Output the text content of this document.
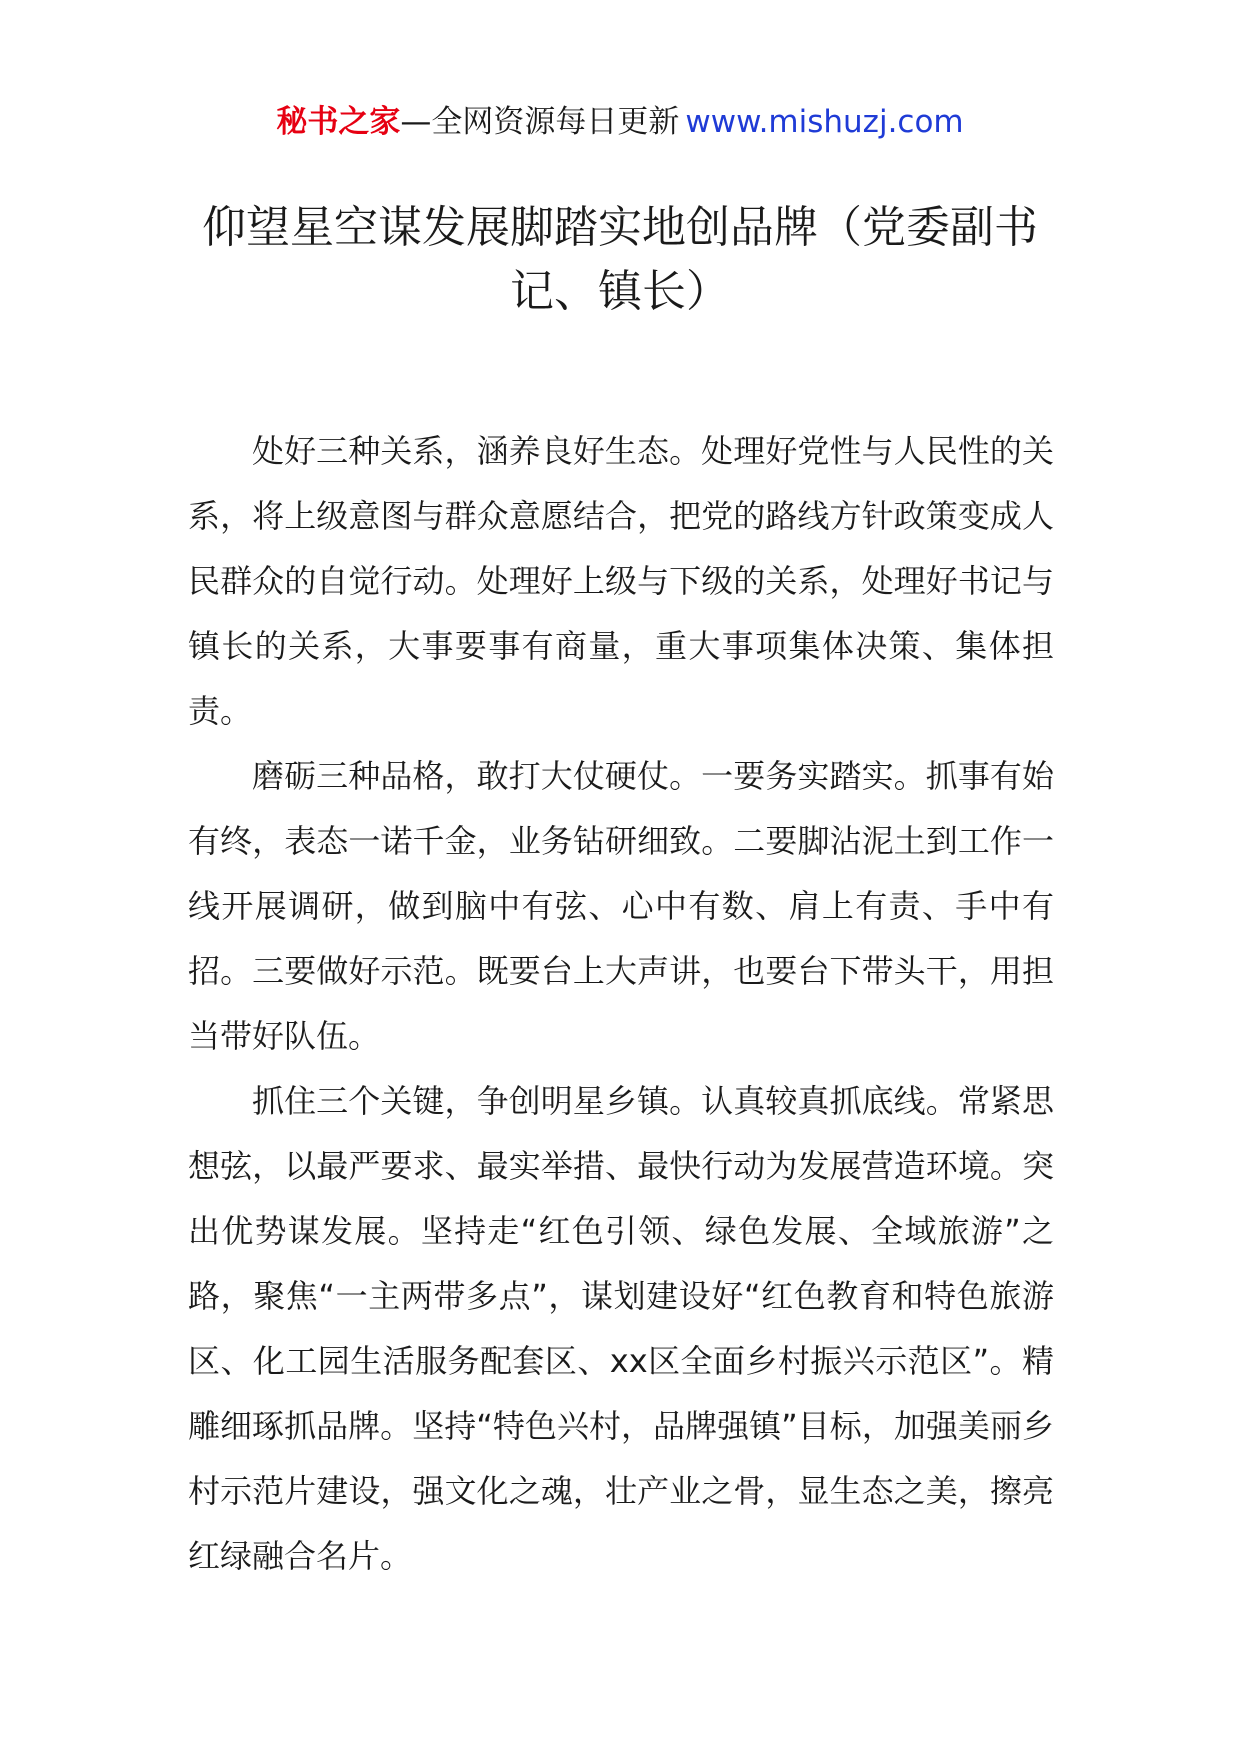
秘书之家—全网资源每日更新 www.mishuzj.com
仰望星空谋发展脚踏实地创品牌（党委副书记、镇长）

处好三种关系，涵养良好生态。处理好党性与人民性的关系，将上级意图与群众意愿结合，把党的路线方针政策变成人民群众的自觉行动。处理好上级与下级的关系，处理好书记与镇长的关系，大事要事有商量，重大事项集体决策、集体担责。

磨砺三种品格，敢打大仗硬仗。一要务实踏实。抓事有始有终，表态一诺千金，业务钻研细致。二要脚沾泥土到工作一线开展调研，做到脑中有弦、心中有数、肩上有责、手中有招。三要做好示范。既要台上大声讲，也要台下带头干，用担当带好队伍。

抓住三个关键，争创明星乡镇。认真较真抓底线。常紧思想弦，以最严要求、最实举措、最快行动为发展营造环境。突出优势谋发展。坚持走“红色引领、绿色发展、全域旅游”之路，聚焦“一主两带多点”，谋划建设好“红色教育和特色旅游区、化工园生活服务配套区、xx区全面乡村振兴示范区”。精雕细琢抓品牌。坚持“特色兴村，品牌强镇”目标，加强美丽乡村示范片建设，强文化之魂，壮产业之骨，显生态之美，擦亮红绿融合名片。
